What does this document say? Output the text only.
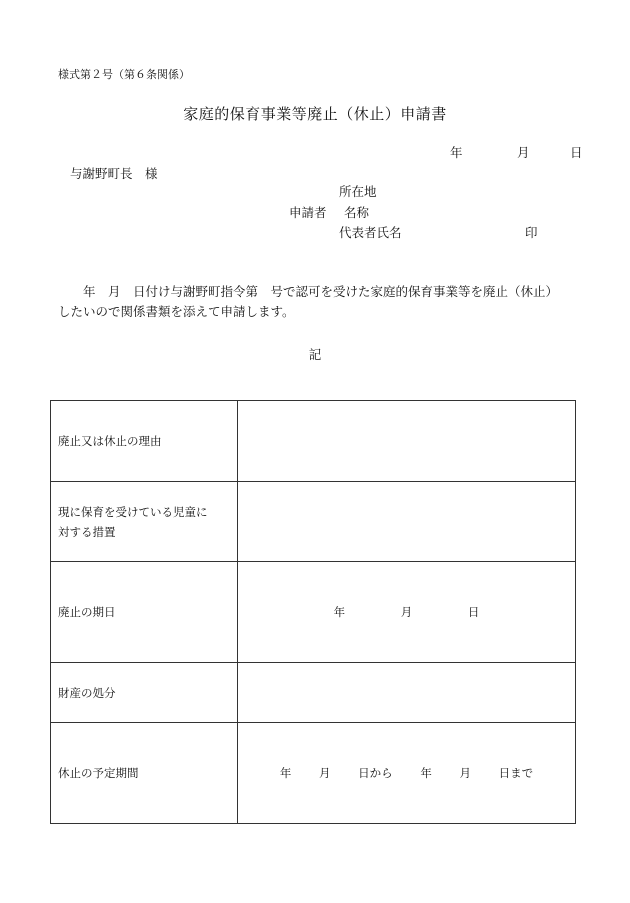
様式第２号（第６条関係）
家庭的保育事業等廃止（休止）申請書
年	月	日
与謝野町長　様
所在地
申請者 名称
代表者氏名	印
年　月　日付け与謝野町指令第　号で認可を受けた家庭的保育事業等を廃止（休止）
したいので関係書類を添えて申請します。
記
廃止又は休止の理由	

現に保育を受けている児童に
対する措置	

廃止の期日	年 月 日
財産の処分	
休止の予定期間	年 月 日から 年 月 日まで
